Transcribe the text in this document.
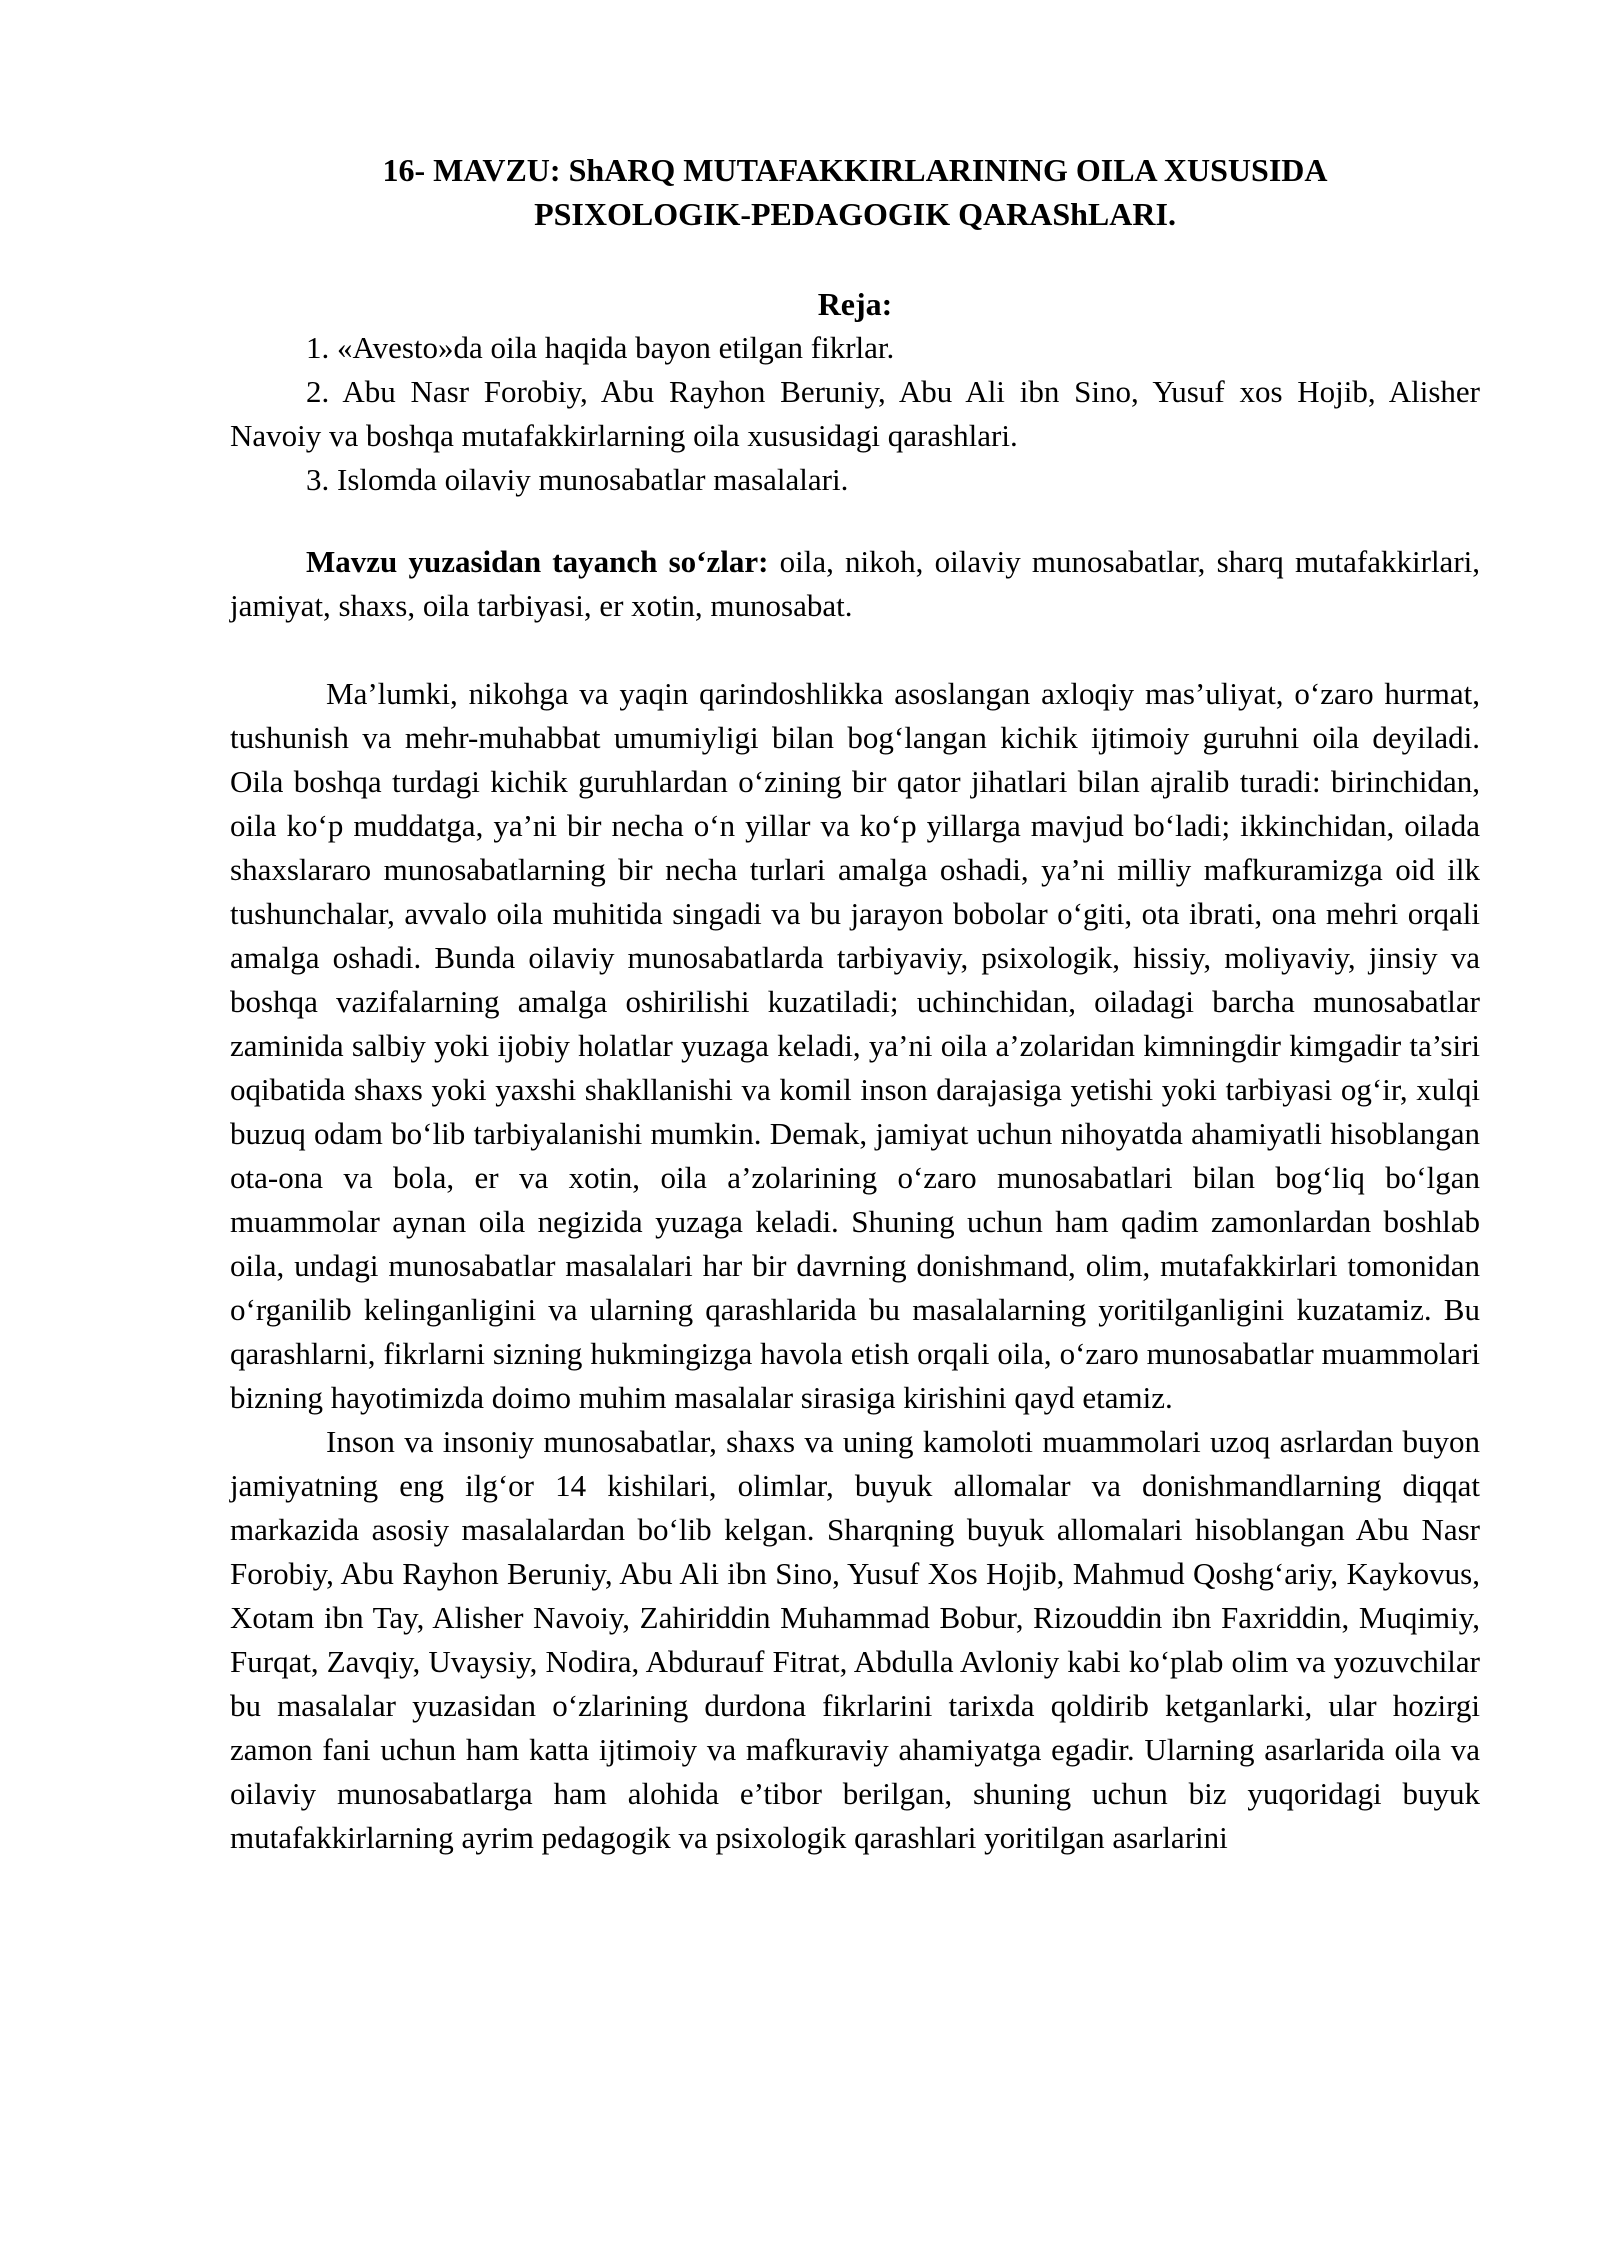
16- MAVZU: ShARQ MUTAFAKKIRLARINING OILA XUSUSIDA
PSIXOLOGIK-PEDAGOGIK QARAShLARI.
Reja:

1. «Avesto»da oila haqida bayon etilgan fikrlar.

2. Abu Nasr Forobiy, Abu Rayhon Beruniy, Abu Ali ibn Sino, Yusuf xos Hojib, Alisher Navoiy va boshqa mutafakkirlarning oila xususidagi qarashlari.

3. Islomda oilaviy munosabatlar masalalari.

Mavzu yuzasidan tayanch so‘zlar: oila, nikoh, oilaviy munosabatlar, sharq mutafakkirlari, jamiyat, shaxs, oila tarbiyasi, er xotin, munosabat.

Ma’lumki, nikohga va yaqin qarindoshlikka asoslangan axloqiy mas’uliyat, o‘zaro hurmat, tushunish va mehr-muhabbat umumiyligi bilan bog‘langan kichik ijtimoiy guruhni oila deyiladi. Oila boshqa turdagi kichik guruhlardan o‘zining bir qator jihatlari bilan ajralib turadi: birinchidan, oila ko‘p muddatga, ya’ni bir necha o‘n yillar va ko‘p yillarga mavjud bo‘ladi; ikkinchidan, oilada shaxslararo munosabatlarning bir necha turlari amalga oshadi, ya’ni milliy mafkuramizga oid ilk tushunchalar, avvalo oila muhitida singadi va bu jarayon bobolar o‘giti, ota ibrati, ona mehri orqali amalga oshadi. Bunda oilaviy munosabatlarda tarbiyaviy, psixologik, hissiy, moliyaviy, jinsiy va boshqa vazifalarning amalga oshirilishi kuzatiladi; uchinchidan, oiladagi barcha munosabatlar zaminida salbiy yoki ijobiy holatlar yuzaga keladi, ya’ni oila a’zolaridan kimningdir kimgadir ta’siri oqibatida shaxs yoki yaxshi shakllanishi va komil inson darajasiga yetishi yoki tarbiyasi og‘ir, xulqi buzuq odam bo‘lib tarbiyalanishi mumkin. Demak, jamiyat uchun nihoyatda ahamiyatli hisoblangan ota-ona va bola, er va xotin, oila a’zolarining o‘zaro munosabatlari bilan bog‘liq bo‘lgan muammolar aynan oila negizida yuzaga keladi. Shuning uchun ham qadim zamonlardan boshlab oila, undagi munosabatlar masalalari har bir davrning donishmand, olim, mutafakkirlari tomonidan o‘rganilib kelinganligini va ularning qarashlarida bu masalalarning yoritilganligini kuzatamiz. Bu qarashlarni, fikrlarni sizning hukmingizga havola etish orqali oila, o‘zaro munosabatlar muammolari bizning hayotimizda doimo muhim masalalar sirasiga kirishini qayd etamiz.

Inson va insoniy munosabatlar, shaxs va uning kamoloti muammolari uzoq asrlardan buyon jamiyatning eng ilg‘or 14 kishilari, olimlar, buyuk allomalar va donishmandlarning diqqat markazida asosiy masalalardan bo‘lib kelgan. Sharqning buyuk allomalari hisoblangan Abu Nasr Forobiy, Abu Rayhon Beruniy, Abu Ali ibn Sino, Yusuf Xos Hojib, Mahmud Qoshg‘ariy, Kaykovus, Xotam ibn Tay, Alisher Navoiy, Zahiriddin Muhammad Bobur, Rizouddin ibn Faxriddin, Muqimiy, Furqat, Zavqiy, Uvaysiy, Nodira, Abdurauf Fitrat, Abdulla Avloniy kabi ko‘plab olim va yozuvchilar bu masalalar yuzasidan o‘zlarining durdona fikrlarini tarixda qoldirib ketganlarki, ular hozirgi zamon fani uchun ham katta ijtimoiy va mafkuraviy ahamiyatga egadir. Ularning asarlarida oila va oilaviy munosabatlarga ham alohida e’tibor berilgan, shuning uchun biz yuqoridagi buyuk mutafakkirlarning ayrim pedagogik va psixologik qarashlari yoritilgan asarlarini
